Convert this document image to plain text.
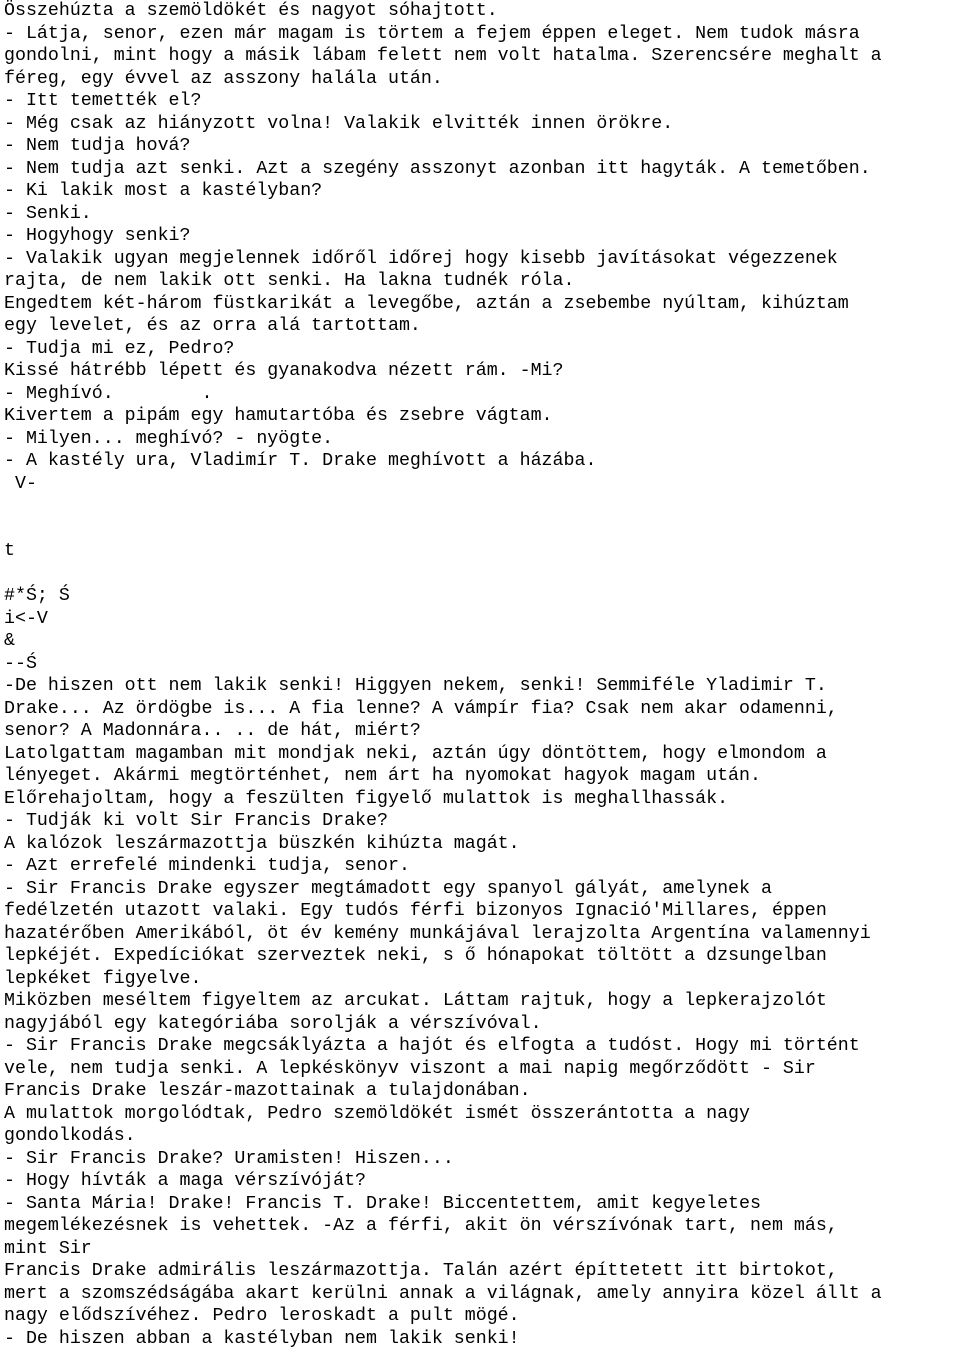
Összehúzta a szemöldökét és nagyot sóhajtott.
- Látja, senor, ezen már magam is törtem a fejem éppen eleget. Nem tudok másra
gondolni, mint hogy a másik lábam felett nem volt hatalma. Szerencsére meghalt a
féreg, egy évvel az asszony halála után.
- Itt temették el?
- Még csak az hiányzott volna! Valakik elvitték innen örökre.
- Nem tudja hová?
- Nem tudja azt senki. Azt a szegény asszonyt azonban itt hagyták. A temetőben.
- Ki lakik most a kastélyban?
- Senki.
- Hogyhogy senki?
- Valakik ugyan megjelennek időről időrej hogy kisebb javításokat végezzenek
rajta, de nem lakik ott senki. Ha lakna tudnék róla.
Engedtem két-három füstkarikát a levegőbe, aztán a zsebembe nyúltam, kihúztam
egy levelet, és az orra alá tartottam.
- Tudja mi ez, Pedro?
Kissé hátrébb lépett és gyanakodva nézett rám. -Mi?
- Meghívó.        .
Kivertem a pipám egy hamutartóba és zsebre vágtam.
- Milyen... meghívó? - nyögte.
- A kastély ura, Vladimír T. Drake meghívott a házába.
V-
t
#*Ś; Ś
i<-V
&
--Ś
-De hiszen ott nem lakik senki! Higgyen nekem, senki! Semmiféle Yladimir T.
Drake... Az ördögbe is... A fia lenne? A vámpír fia? Csak nem akar odamenni,
senor? A Madonnára.. .. de hát, miért?
Latolgattam magamban mit mondjak neki, aztán úgy döntöttem, hogy elmondom a
lényeget. Akármi megtörténhet, nem árt ha nyomokat hagyok magam után.
Előrehajoltam, hogy a feszülten figyelő mulattok is meghallhassák.
- Tudják ki volt Sir Francis Drake?
A kalózok leszármazottja büszkén kihúzta magát.
- Azt errefelé mindenki tudja, senor.
- Sir Francis Drake egyszer megtámadott egy spanyol gályát, amelynek a
fedélzetén utazott valaki. Egy tudós férfi bizonyos Ignació'Millares, éppen
hazatérőben Amerikából, öt év kemény munkájával lerajzolta Argentína valamennyi
lepkéjét. Expedíciókat szerveztek neki, s ő hónapokat töltött a dzsungelban
lepkéket figyelve.
Miközben meséltem figyeltem az arcukat. Láttam rajtuk, hogy a lepkerajzolót
nagyjából egy kategóriába sorolják a vérszívóval.
- Sir Francis Drake megcsáklyázta a hajót és elfogta a tudóst. Hogy mi történt
vele, nem tudja senki. A lepkéskönyv viszont a mai napig megőrződött - Sir
Francis Drake leszár-mazottainak a tulajdonában.
A mulattok morgolódtak, Pedro szemöldökét ismét összerántotta a nagy
gondolkodás.
- Sir Francis Drake? Uramisten! Hiszen...
- Hogy hívták a maga vérszívóját?
- Santa Mária! Drake! Francis T. Drake! Biccentettem, amit kegyeletes
megemlékezésnek is vehettek. -Az a férfi, akit ön vérszívónak tart, nem más,
mint Sir
Francis Drake admirális leszármazottja. Talán azért építtetett itt birtokot,
mert a szomszédságába akart kerülni annak a világnak, amely annyira közel állt a
nagy elődszívéhez. Pedro leroskadt a pult mögé.
- De hiszen abban a kastélyban nem lakik senki!
